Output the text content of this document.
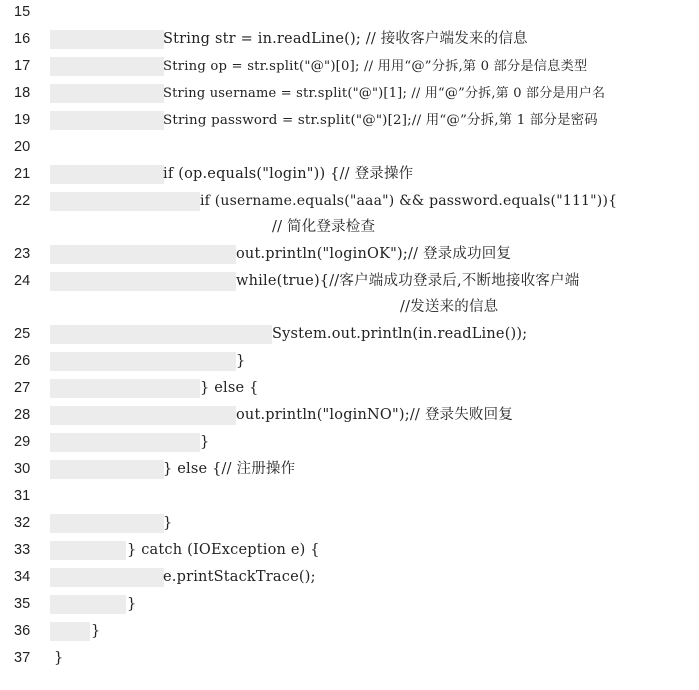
15
16	String str = in.readLine(); // 接收客户端发来的信息
17	String op = str.split("@")[0]; // 用用“@”分拆,第 0 部分是信息类型
18	String username = str.split("@")[1]; // 用“@”分拆,第 0 部分是用户名
19	String password = str.split("@")[2];// 用“@”分拆,第 1 部分是密码
20
21	if (op.equals("login")) {// 登录操作
22	if (username.equals("aaa") && password.equals("111")){
// 简化登录检查
23	out.println("loginOK");// 登录成功回复
24	while(true){//客户端成功登录后,不断地接收客户端
//发送来的信息
25	System.out.println(in.readLine());
26	}
27	} else {
28	out.println("loginNO");// 登录失败回复
29	}
30	} else {// 注册操作
31
32	}
33	} catch (IOException e) {
34	e.printStackTrace();
35	}
36	}
37	}
